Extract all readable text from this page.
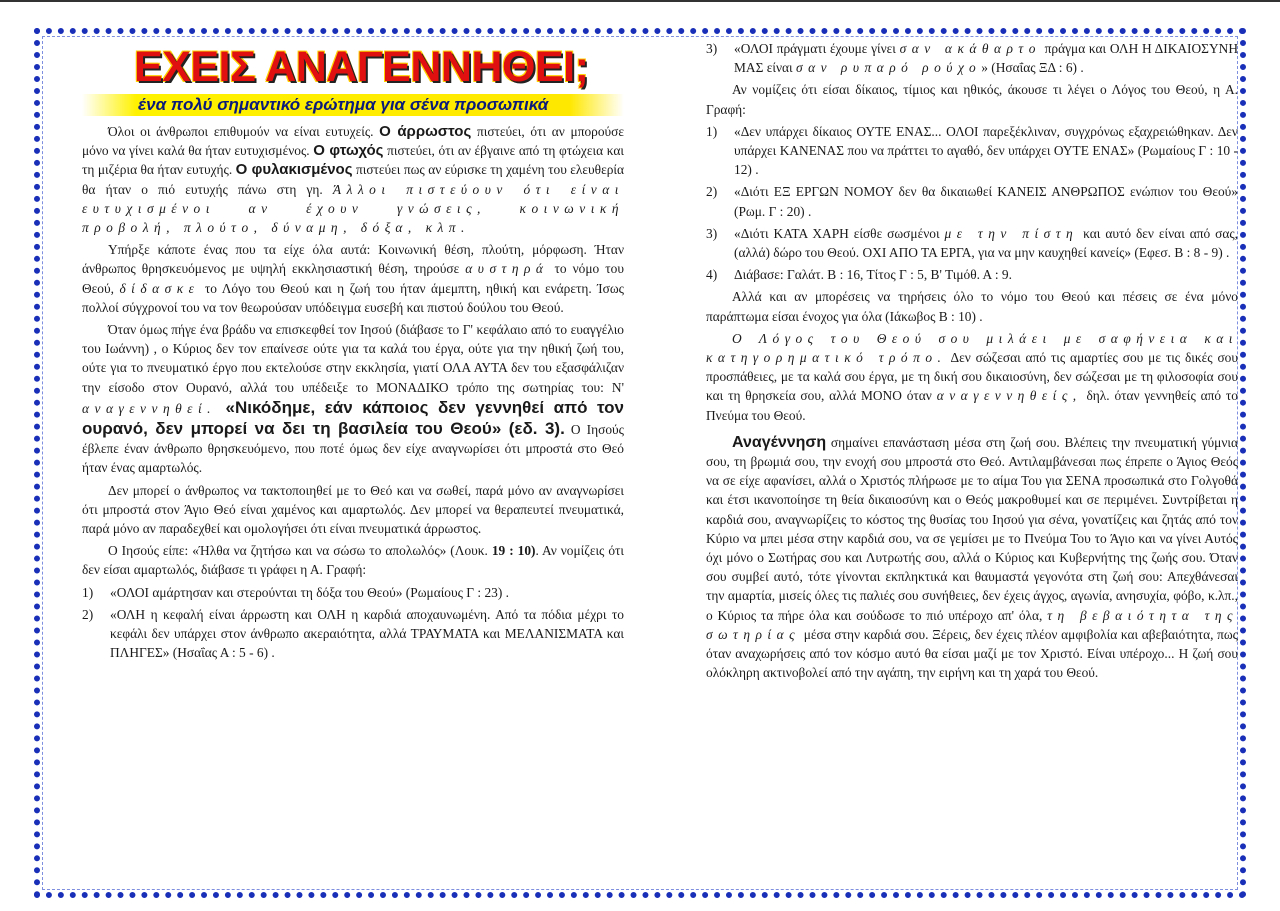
ΕΧΕΙΣ ΑΝΑΓΕΝΝΗΘΕΙ;
ένα πολύ σημαντικό ερώτημα για σένα προσωπικά

Όλοι οι άνθρωποι επιθυμούν να είναι ευτυχείς. Ο άρρωστος πιστεύει, ότι αν μπορούσε μόνο να γίνει καλά θα ήταν ευτυχισμένος. Ο φτωχός πιστεύει, ότι αν έβγαινε από τη φτώχεια και τη μιζέρια θα ήταν ευτυχής. Ο φυλακισμένος πιστεύει πως αν εύρισκε τη χαμένη του ελευθερία θα ήταν ο πιό ευτυχής πάνω στη γη. Άλλοι πιστεύουν ότι είναι ευτυχισμένοι αν έχουν γνώσεις, κοινωνική προβολή, πλούτο, δύναμη, δόξα, κλπ.

Υπήρξε κάποτε ένας που τα είχε όλα αυτά: Κοινωνική θέση, πλούτη, μόρφωση. Ήταν άνθρωπος θρησκευόμενος με υψηλή εκκλησιαστική θέση, τηρούσε αυστηρά το νόμο του Θεού, δίδασκε το Λόγο του Θεού και η ζωή του ήταν άμεμπτη, ηθική και ενάρετη. Ίσως πολλοί σύγχρονοί του να τον θεωρούσαν υπόδειγμα ευσεβή και πιστού δούλου του Θεού.

Όταν όμως πήγε ένα βράδυ να επισκεφθεί τον Ιησού (διάβασε το Γ' κεφάλαιο από το ευαγγέλιο του Ιωάννη) , ο Κύριος δεν τον επαίνεσε ούτε για τα καλά του έργα, ούτε για την ηθική ζωή του, ούτε για το πνευματικό έργο που εκτελούσε στην εκκλησία, γιατί ΟΛΑ ΑΥΤΑ δεν του εξασφάλιζαν την είσοδο στον Ουρανό, αλλά του υπέδειξε το ΜΟΝΑΔΙΚΟ τρόπο της σωτηρίας του: Ν' αναγεννηθεί. «Νικόδημε, εάν κάποιος δεν γεννηθεί από τον ουρανό, δεν μπορεί να δει τη βασιλεία του Θεού» (εδ. 3). Ο Ιησούς έβλεπε έναν άνθρωπο θρησκευόμενο, που ποτέ όμως δεν είχε αναγνωρίσει ότι μπροστά στο Θεό ήταν ένας αμαρτωλός.

Δεν μπορεί ο άνθρωπος να τακτοποιηθεί με το Θεό και να σωθεί, παρά μόνο αν αναγνωρίσει ότι μπροστά στον Άγιο Θεό είναι χαμένος και αμαρτωλός. Δεν μπορεί να θεραπευτεί πνευματικά, παρά μόνο αν παραδεχθεί και ομολογήσει ότι είναι πνευματικά άρρωστος.

Ο Ιησούς είπε: «Ήλθα να ζητήσω και να σώσω το απολωλός» (Λουκ. 19 : 10). Αν νομίζεις ότι δεν είσαι αμαρτωλός, διάβασε τι γράφει η Α. Γραφή:

1)	«ΟΛΟΙ αμάρτησαν και στερούνται τη δόξα του Θεού» (Ρωμαίους Γ : 23) .
2)	«ΟΛΗ η κεφαλή είναι άρρωστη και ΟΛΗ η καρδιά αποχαυνωμένη. Από τα πόδια μέχρι το κεφάλι δεν υπάρχει στον άνθρωπο ακεραιότητα, αλλά ΤΡΑΥΜΑΤΑ και ΜΕΛΑΝΙΣΜΑΤΑ και ΠΛΗΓΕΣ» (Ησαΐας Α : 5 - 6) .
3)	«ΟΛΟΙ πράγματι έχουμε γίνει σαν ακάθαρτο πράγμα και ΟΛΗ Η ΔΙΚΑΙΟΣΥΝΗ ΜΑΣ είναι σαν ρυπαρό ρούχο» (Ησαΐας ΞΔ : 6) .

Αν νομίζεις ότι είσαι δίκαιος, τίμιος και ηθικός, άκουσε τι λέγει ο Λόγος του Θεού, η Α. Γραφή:

1)	«Δεν υπάρχει δίκαιος ΟΥΤΕ ΕΝΑΣ... ΟΛΟΙ παρεξέκλιναν, συγχρόνως εξαχρειώθηκαν. Δεν υπάρχει ΚΑΝΕΝΑΣ που να πράττει το αγαθό, δεν υπάρχει ΟΥΤΕ ΕΝΑΣ» (Ρωμαίους Γ : 10 - 12) .
2)	«Διότι ΕΞ ΕΡΓΩΝ ΝΟΜΟΥ δεν θα δικαιωθεί ΚΑΝΕΙΣ ΑΝΘΡΩΠΟΣ ενώπιον του Θεού» (Ρωμ. Γ : 20) .
3)	«Διότι ΚΑΤΑ ΧΑΡΗ είσθε σωσμένοι με την πίστη και αυτό δεν είναι από σας, (αλλά) δώρο του Θεού. ΟΧΙ ΑΠΟ ΤΑ ΕΡΓΑ, για να μην καυχηθεί κανείς» (Εφεσ. Β : 8 - 9) .
4)	Διάβασε: Γαλάτ. Β : 16, Τίτος Γ : 5, Β' Τιμόθ. Α : 9.

Αλλά και αν μπορέσεις να τηρήσεις όλο το νόμο του Θεού και πέσεις σε ένα μόνο παράπτωμα είσαι ένοχος για όλα (Ιάκωβος Β : 10) .

Ο Λόγος του Θεού σου μιλάει με σαφήνεια και κατηγορηματικό τρόπο. Δεν σώζεσαι από τις αμαρτίες σου με τις δικές σου προσπάθειες, με τα καλά σου έργα, με τη δική σου δικαιοσύνη, δεν σώζεσαι με τη φιλοσοφία σου και τη θρησκεία σου, αλλά ΜΟΝΟ όταν αναγεννηθείς, δηλ. όταν γεννηθείς από το Πνεύμα του Θεού.

Αναγέννηση σημαίνει επανάσταση μέσα στη ζωή σου. Βλέπεις την πνευματική γύμνια σου, τη βρωμιά σου, την ενοχή σου μπροστά στο Θεό. Αντιλαμβάνεσαι πως έπρεπε ο Άγιος Θεός να σε είχε αφανίσει, αλλά ο Χριστός πλήρωσε με το αίμα Του για ΣΕΝΑ προσωπικά στο Γολγοθά και έτσι ικανοποίησε τη θεία δικαιοσύνη και ο Θεός μακροθυμεί και σε περιμένει. Συντρίβεται η καρδιά σου, αναγνωρίζεις το κόστος της θυσίας του Ιησού για σένα, γονατίζεις και ζητάς από τον Κύριο να μπει μέσα στην καρδιά σου, να σε γεμίσει με το Πνεύμα Του το Άγιο και να γίνει Αυτός όχι μόνο ο Σωτήρας σου και Λυτρωτής σου, αλλά ο Κύριος και Κυβερνήτης της ζωής σου. Όταν σου συμβεί αυτό, τότε γίνονται εκπληκτικά και θαυμαστά γεγονότα στη ζωή σου: Απεχθάνεσαι την αμαρτία, μισείς όλες τις παλιές σου συνήθειες, δεν έχεις άγχος, αγωνία, ανησυχία, φόβο, κ.λπ., ο Κύριος τα πήρε όλα και σούδωσε το πιό υπέροχο απ' όλα, τη βεβαιότητα της σωτηρίας μέσα στην καρδιά σου. Ξέρεις, δεν έχεις πλέον αμφιβολία και αβεβαιότητα, πως όταν αναχωρήσεις από τον κόσμο αυτό θα είσαι μαζί με τον Χριστό. Είναι υπέροχο... Η ζωή σου ολόκληρη ακτινοβολεί από την αγάπη, την ειρήνη και τη χαρά του Θεού.
